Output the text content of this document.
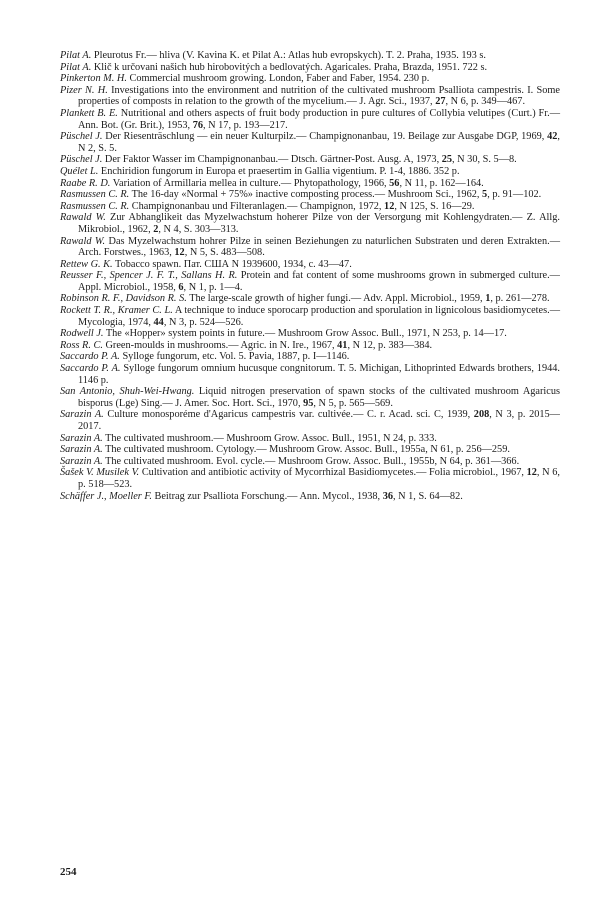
Pilat A. Pleurotus Fr.— hliva (V. Kavina K. et Pilat A.: Atlas hub evropskych). T. 2. Praha, 1935. 193 s.
Pilat A. Klič k určovani našich hub hirobovitých a bedlovatých. Agaricales. Praha, Brazda, 1951. 722 s.
Pinkerton M. H. Commercial mushroom growing. London, Faber and Faber, 1954. 230 p.
Pizer N. H. Investigations into the environment and nutrition of the cultivated mushroom Psalliota campestris. I. Some properties of composts in relation to the growth of the mycelium.— J. Agr. Sci., 1937, 27, N 6, p. 349—467.
Plankett B. E. Nutritional and others aspects of fruit body production in pure cultures of Collybia velutipes (Curt.) Fr.— Ann. Bot. (Gr. Brit.), 1953, 76, N 17, p. 193—217.
Püschel J. Der Riesenträschlung — ein neuer Kulturpilz.— Champignonanbau, 19. Beilage zur Ausgabe DGP, 1969, 42, N 2, S. 5.
Püschel J. Der Faktor Wasser im Champignonanbau.— Dtsch. Gärtner-Post. Ausg. A, 1973, 25, N 30, S. 5—8.
Quélet L. Enchiridion fungorum in Europa et praesertim in Gallia vigentium. P. 1-4, 1886. 352 p.
Raabe R. D. Variation of Armillaria mellea in culture.— Phytopathology, 1966, 56, N 11, p. 162—164.
Rasmussen C. R. The 16-day «Normal + 75%» inactive composting process.— Mushroom Sci., 1962, 5, p. 91—102.
Rasmussen C. R. Champignonanbau und Filteranlagen.— Champignon, 1972, 12, N 125, S. 16—29.
Rawald W. Zur Abhanglikeit das Myzelwachstum hoherer Pilze von der Versorgung mit Kohlengydraten.— Z. Allg. Mikrobiol., 1962, 2, N 4, S. 303—313.
Rawald W. Das Myzelwachstum hohrer Pilze in seinen Beziehungen zu naturlichen Substraten und deren Extrakten.— Arch. Forstwes., 1963, 12, N 5, S. 483—508.
Rettew G. K. Tobacco spawn. Пат. США N 1939600, 1934, c. 43—47.
Reusser F., Spencer J. F. T., Sallans H. R. Protein and fat content of some mushrooms grown in submerged culture.— Appl. Microbiol., 1958, 6, N 1, p. 1—4.
Robinson R. F., Davidson R. S. The large-scale growth of higher fungi.— Adv. Appl. Microbiol., 1959, 1, p. 261—278.
Rockett T. R., Kramer C. L. A technique to induce sporocarp production and sporulation in lignicolous basidiomycetes.— Mycologia, 1974, 44, N 3, p. 524—526.
Rodwell J. The «Hopper» system points in future.— Mushroom Grow Assoc. Bull., 1971, N 253, p. 14—17.
Ross R. C. Green-moulds in mushrooms.— Agric. in N. Ire., 1967, 41, N 12, p. 383—384.
Saccardo P. A. Sylloge fungorum, etc. Vol. 5. Pavia, 1887, p. I—1146.
Saccardo P. A. Sylloge fungorum omnium hucusque congnitorum. T. 5. Michigan, Lithoprinted Edwards brothers, 1944. 1146 p.
San Antonio, Shuh-Wei-Hwang. Liquid nitrogen preservation of spawn stocks of the cultivated mushroom Agaricus bisporus (Lge) Sing.— J. Amer. Soc. Hort. Sci., 1970, 95, N 5, p. 565—569.
Sarazin A. Culture monosporéme d'Agaricus campestris var. cultivée.— C. r. Acad. sci. C, 1939, 208, N 3, p. 2015—2017.
Sarazin A. The cultivated mushroom.— Mushroom Grow. Assoc. Bull., 1951, N 24, p. 333.
Sarazin A. The cultivated mushroom. Cytology.— Mushroom Grow. Assoc. Bull., 1955a, N 61, p. 256—259.
Sarazin A. The cultivated mushroom. Evol. cycle.— Mushroom Grow. Assoc. Bull., 1955b, N 64, p. 361—366.
Šašek V. Musilek V. Cultivation and antibiotic activity of Mycorrhizal Basidiomycetes.— Folia microbiol., 1967, 12, N 6, p. 518—523.
Schäffer J., Moeller F. Beitrag zur Psalliota Forschung.— Ann. Mycol., 1938, 36, N 1, S. 64—82.
254
